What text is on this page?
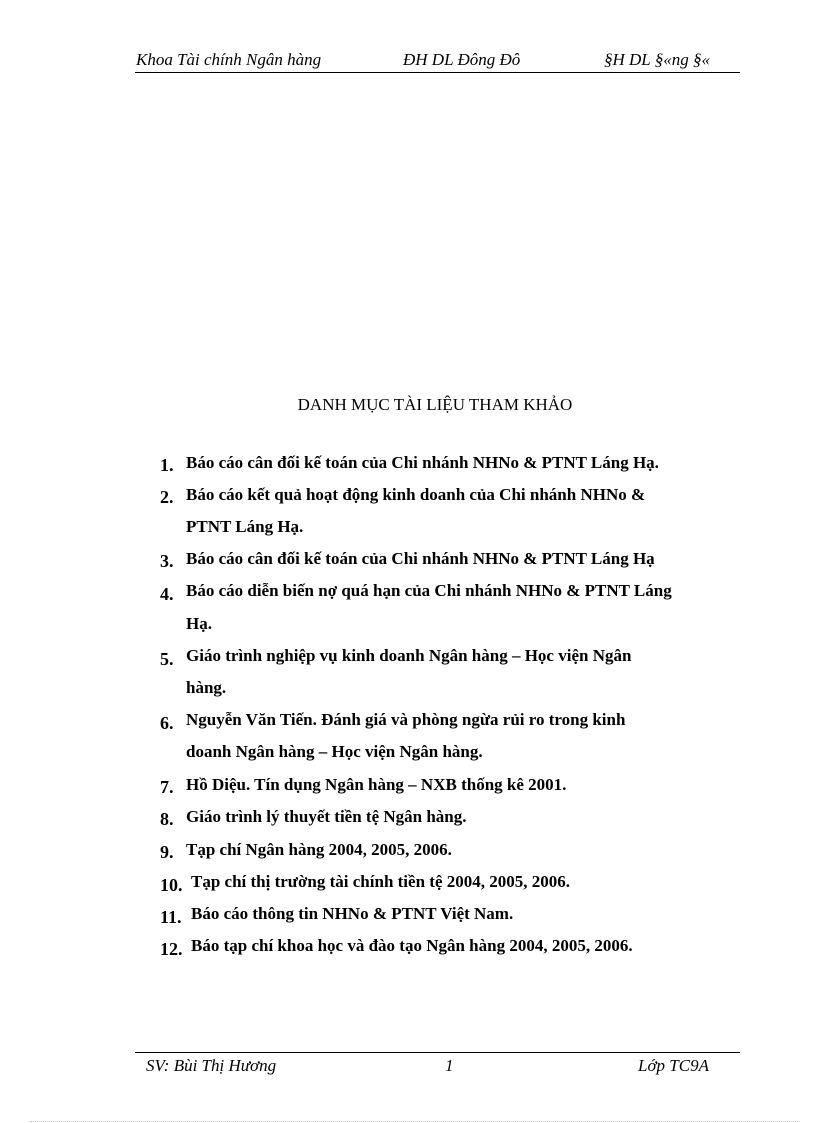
Khoa Tài chính Ngân hàng	ĐH DL Đông Đô	§H DL §«ng §«
DANH MỤC TÀI LIỆU THAM KHẢO
1. Báo cáo cân đối kế toán của Chi nhánh NHNo & PTNT Láng Hạ.
2. Báo cáo kết quả hoạt động kinh doanh của Chi nhánh NHNo &
PTNT Láng Hạ.
3. Báo cáo cân đối kế toán của Chi nhánh NHNo & PTNT Láng Hạ
4. Báo cáo diễn biến nợ quá hạn của Chi nhánh NHNo & PTNT Láng
Hạ.
5. Giáo trình nghiệp vụ kinh doanh Ngân hàng – Học viện Ngân
hàng.
6. Nguyễn Văn Tiến. Đánh giá và phòng ngừa rủi ro trong kinh
doanh Ngân hàng – Học viện Ngân hàng.
7. Hồ Diệu. Tín dụng Ngân hàng – NXB thống kê 2001.
8. Giáo trình lý thuyết tiền tệ Ngân hàng.
9. Tạp chí Ngân hàng 2004, 2005, 2006.
10. Tạp chí thị trường tài chính tiền tệ 2004, 2005, 2006.
11. Báo cáo thông tin NHNo & PTNT Việt Nam.
12. Báo tạp chí khoa học và đào tạo Ngân hàng 2004, 2005, 2006.
SV: Bùi Thị Hương	1	Lớp TC9A
